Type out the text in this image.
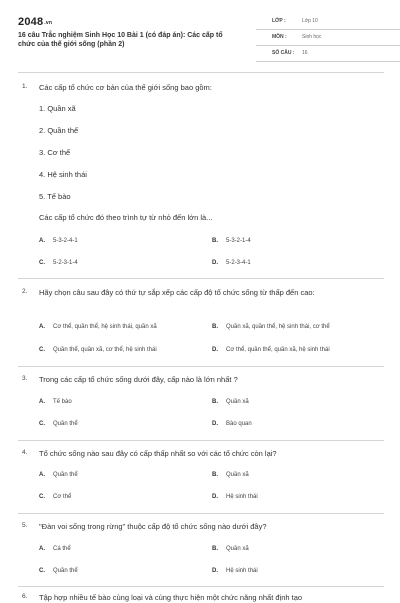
2048.vn
16 câu Trắc nghiệm Sinh Học 10 Bài 1 (có đáp án): Các cấp tổ chức của thế giới sống (phần 2)
LỚP :	Lớp 10
MÔN :	Sinh học
SỐ CÂU : 16
1. Các cấp tổ chức cơ bản của thế giới sống bao gồm:
1. Quần xã
2. Quần thể
3. Cơ thể
4. Hệ sinh thái
5. Tế bào
Các cấp tổ chức đó theo trình tự từ nhỏ đến lớn là...
A . 5-3-2-4-1	B . 5-3-2-1-4
C . 5-2-3-1-4	D . 5-2-3-4-1
2. Hãy chọn câu sau đây có thứ tự sắp xếp các cấp độ tổ chức sống từ thấp đến cao:
A . Cơ thể, quần thể, hệ sinh thái, quần xã	B . Quần xã, quần thể, hệ sinh thái, cơ thể
C . Quần thể, quần xã, cơ thể, hệ sinh thái	D . Cơ thể, quần thể, quần xã, hệ sinh thái
3. Trong các cấp tổ chức sống dưới đây, cấp nào là lớn nhất ?
A . Tế bào	B . Quần xã
C . Quần thể	D . Bào quan
4. Tổ chức sống nào sau đây có cấp thấp nhất so với các tổ chức còn lại?
A . Quần thể	B . Quần xã
C . Cơ thể	D . Hệ sinh thái
5. "Đàn voi sống trong rừng" thuộc cấp độ tổ chức sống nào dưới đây?
A . Cá thể	B . Quần xã
C . Quần thể	D . Hệ sinh thái
6. Tập hợp nhiều tế bào cùng loại và cùng thực hiện một chức năng nhất định tạo
